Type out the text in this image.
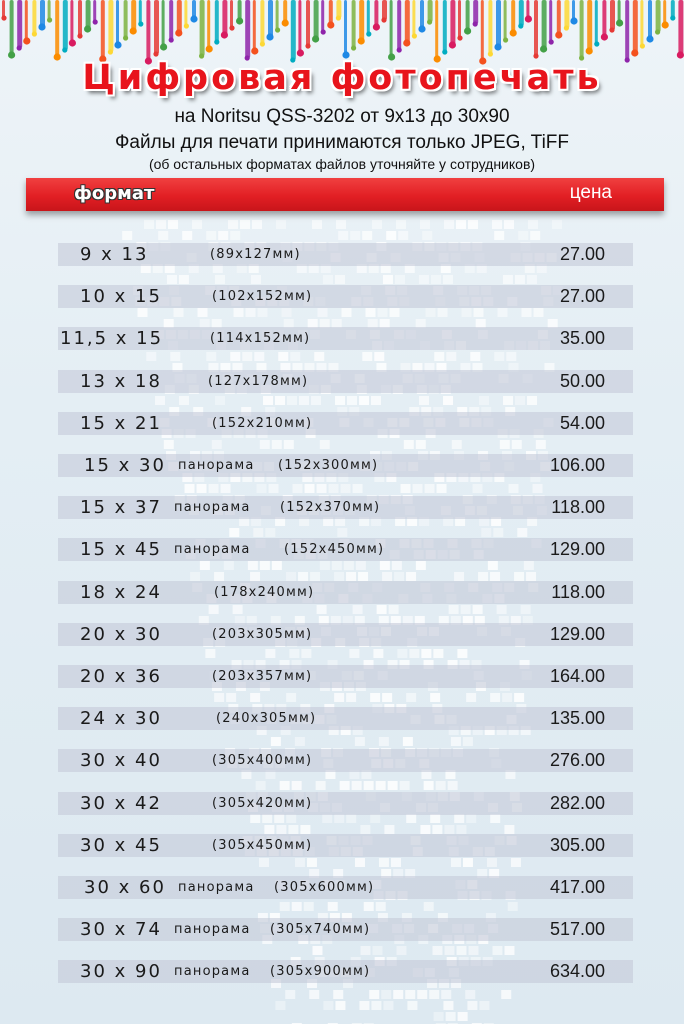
Цифровая фотопечать
на Noritsu QSS-3202 от 9х13 до 30х90
Файлы для печати принимаются только JPEG, TiFF
(об остальных форматах файлов уточняйте у сотрудников)
формат	цена
9 х 13	(89x127мм)	27.00
10 х 15	(102x152мм)	27.00
11,5 х 15	(114x152мм)	35.00
13 х 18	(127x178мм)	50.00
15 х 21	(152x210мм)	54.00
15 х 30 панорама (152x300мм)	106.00
15 х 37 панорама (152x370мм)	118.00
15 х 45 панорама	(152x450мм)	129.00
18 х 24	(178x240мм)	118.00
20 х 30	(203x305мм)	129.00
20 х 36	(203x357мм)	164.00
24 х 30	(240x305мм)	135.00
30 х 40	(305x400мм)	276.00
30 х 42	(305x420мм)	282.00
30 х 45	(305x450мм)	305.00
30 х 60 панорама (305x600мм)	417.00
30 х 74 панорама (305x740мм)	517.00
30 х 90 панорама (305x900мм)	634.00
